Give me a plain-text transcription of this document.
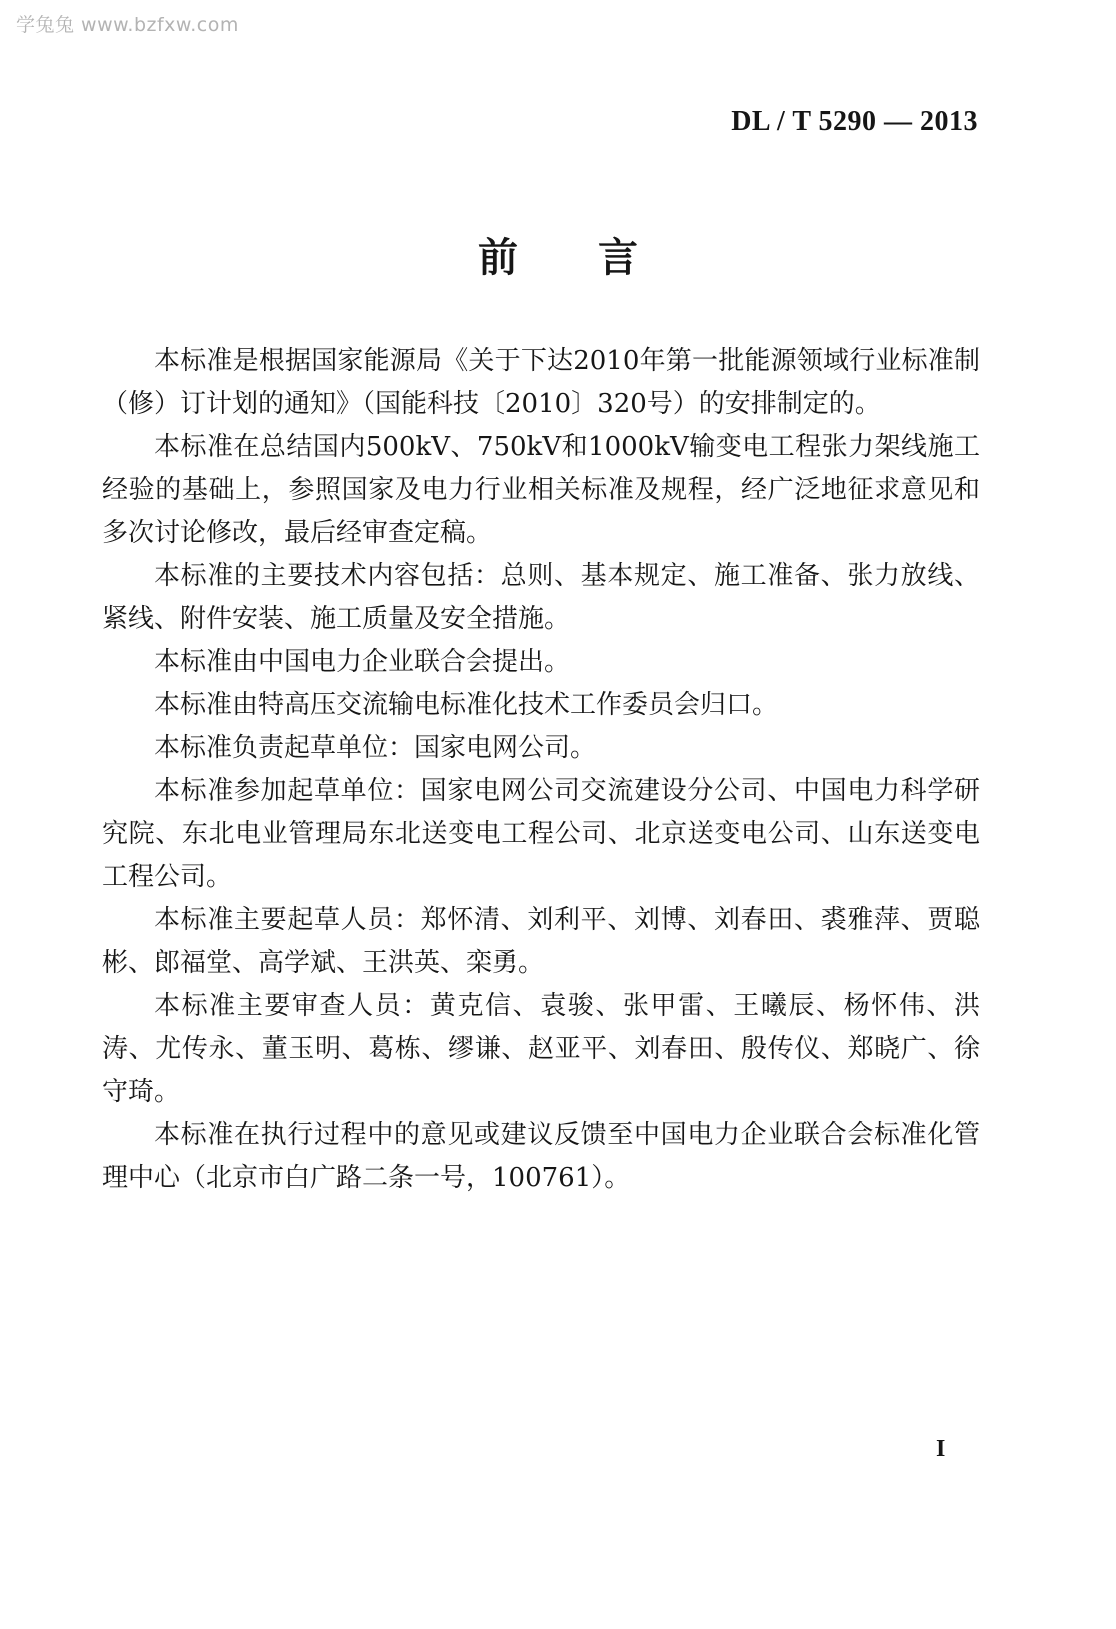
学兔兔 www.bzfxw.com
DL / T 5290 — 2013
前言

本标准是根据国家能源局《关于下达2010年第一批能源领域行业标准制（修）订计划的通知》（国能科技〔2010〕320号）的安排制定的。

本标准在总结国内500kV、750kV和1000kV输变电工程张力架线施工经验的基础上，参照国家及电力行业相关标准及规程，经广泛地征求意见和多次讨论修改，最后经审查定稿。

本标准的主要技术内容包括：总则、基本规定、施工准备、张力放线、紧线、附件安装、施工质量及安全措施。

本标准由中国电力企业联合会提出。

本标准由特高压交流输电标准化技术工作委员会归口。

本标准负责起草单位：国家电网公司。

本标准参加起草单位：国家电网公司交流建设分公司、中国电力科学研究院、东北电业管理局东北送变电工程公司、北京送变电公司、山东送变电工程公司。

本标准主要起草人员：郑怀清、刘利平、刘博、刘春田、裘雅萍、贾聪彬、郎福堂、高学斌、王洪英、栾勇。

本标准主要审查人员：黄克信、袁骏、张甲雷、王曦辰、杨怀伟、洪涛、尤传永、董玉明、葛栋、缪谦、赵亚平、刘春田、殷传仪、郑晓广、徐守琦。

本标准在执行过程中的意见或建议反馈至中国电力企业联合会标准化管理中心（北京市白广路二条一号，100761）。

I
